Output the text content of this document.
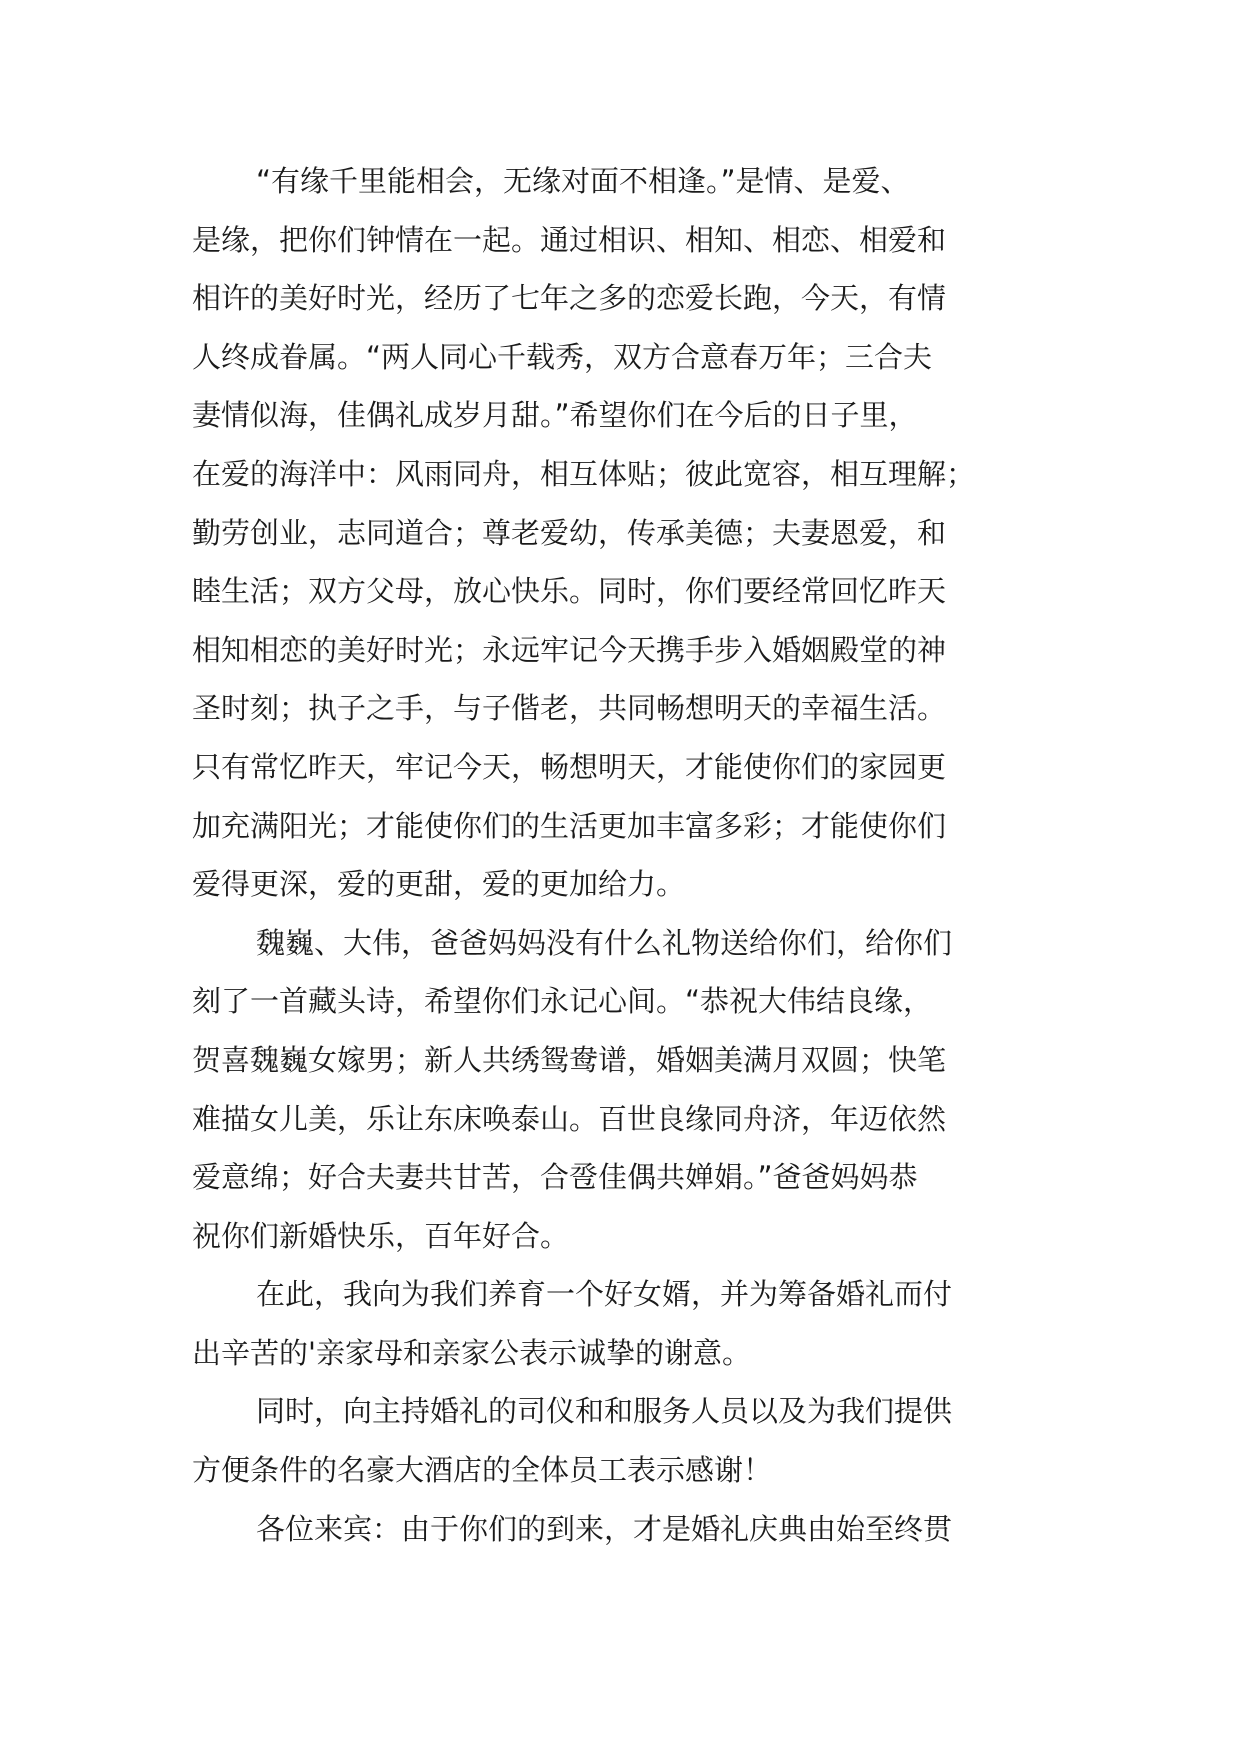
“有缘千里能相会，无缘对面不相逢。”是情、是爱、
是缘，把你们钟情在一起。通过相识、相知、相恋、相爱和
相许的美好时光，经历了七年之多的恋爱长跑，今天，有情
人终成眷属。“两人同心千载秀，双方合意春万年；三合夫
妻情似海，佳偶礼成岁月甜。”希望你们在今后的日子里，
在爱的海洋中：风雨同舟，相互体贴；彼此宽容，相互理解；
勤劳创业，志同道合；尊老爱幼，传承美德；夫妻恩爱，和
睦生活；双方父母，放心快乐。同时，你们要经常回忆昨天
相知相恋的美好时光；永远牢记今天携手步入婚姻殿堂的神
圣时刻；执子之手，与子偕老，共同畅想明天的幸福生活。
只有常忆昨天，牢记今天，畅想明天，才能使你们的家园更
加充满阳光；才能使你们的生活更加丰富多彩；才能使你们
爱得更深，爱的更甜，爱的更加给力。
魏巍、大伟，爸爸妈妈没有什么礼物送给你们，给你们
刻了一首藏头诗，希望你们永记心间。“恭祝大伟结良缘，
贺喜魏巍女嫁男；新人共绣鸳鸯谱，婚姻美满月双圆；快笔
难描女儿美，乐让东床唤泰山。百世良缘同舟济，年迈依然
爱意绵；好合夫妻共甘苦，合卺佳偶共婵娟。”爸爸妈妈恭
祝你们新婚快乐，百年好合。
在此，我向为我们养育一个好女婿，并为筹备婚礼而付
出辛苦的'亲家母和亲家公表示诚挚的谢意。
同时，向主持婚礼的司仪和和服务人员以及为我们提供
方便条件的名豪大酒店的全体员工表示感谢！
各位来宾：由于你们的到来，才是婚礼庆典由始至终贯
